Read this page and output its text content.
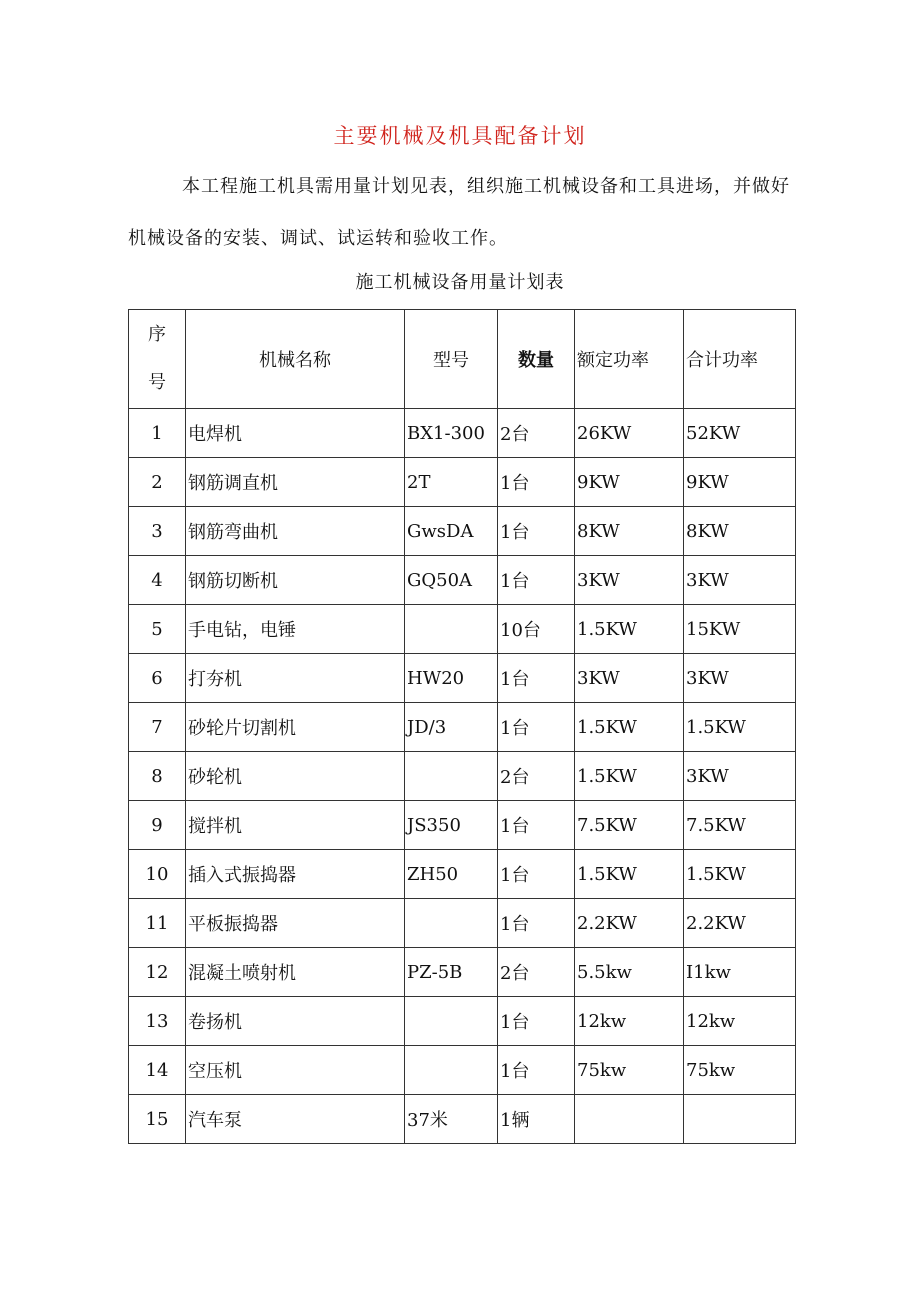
主要机械及机具配备计划

本工程施工机具需用量计划见表，组织施工机械设备和工具进场，并做好机械设备的安装、调试、试运转和验收工作。

施工机械设备用量计划表
序
号	机械名称	型号	数量	额定功率	合计功率
1	电焊机	BX1-300	2台	26KW	52KW
2	钢筋调直机	2T	1台	9KW	9KW
3	钢筋弯曲机	GwsDA	1台	8KW	8KW
4	钢筋切断机	GQ50A	1台	3KW	3KW
5	手电钻，电锤		10台	1.5KW	15KW
6	打夯机	HW20	1台	3KW	3KW
7	砂轮片切割机	JD/3	1台	1.5KW	1.5KW
8	砂轮机		2台	1.5KW	3KW
9	搅拌机	JS350	1台	7.5KW	7.5KW
10	插入式振捣器	ZH50	1台	1.5KW	1.5KW
11	平板振捣器		1台	2.2KW	2.2KW
12	混凝土喷射机	PZ-5B	2台	5.5kw	I1kw
13	卷扬机		1台	12kw	12kw
14	空压机		1台	75kw	75kw
15	汽车泵	37米	1辆		
